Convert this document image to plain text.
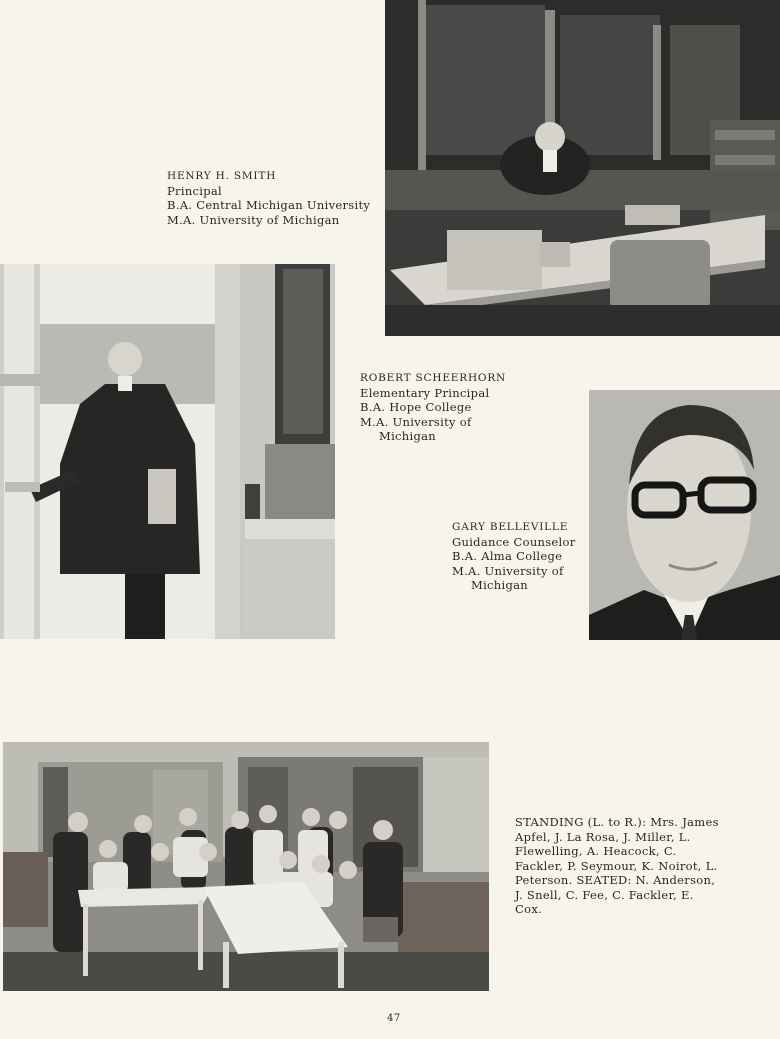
HENRY H. SMITH
Principal
B.A. Central Michigan University
M.A. University of Michigan
ROBERT SCHEERHORN
Elementary Principal
B.A. Hope College
M.A. University of
Michigan
GARY BELLEVILLE
Guidance Counselor
B.A. Alma College
M.A. University of
Michigan
STANDING (L. to R.): Mrs. James Apfel, J. La Rosa, J. Miller, L. Flewelling, A. Heacock, C. Fackler, P. Seymour, K. Noirot, L. Peterson. SEATED: N. Anderson, J. Snell, C. Fee, C. Fackler, E. Cox.
47
